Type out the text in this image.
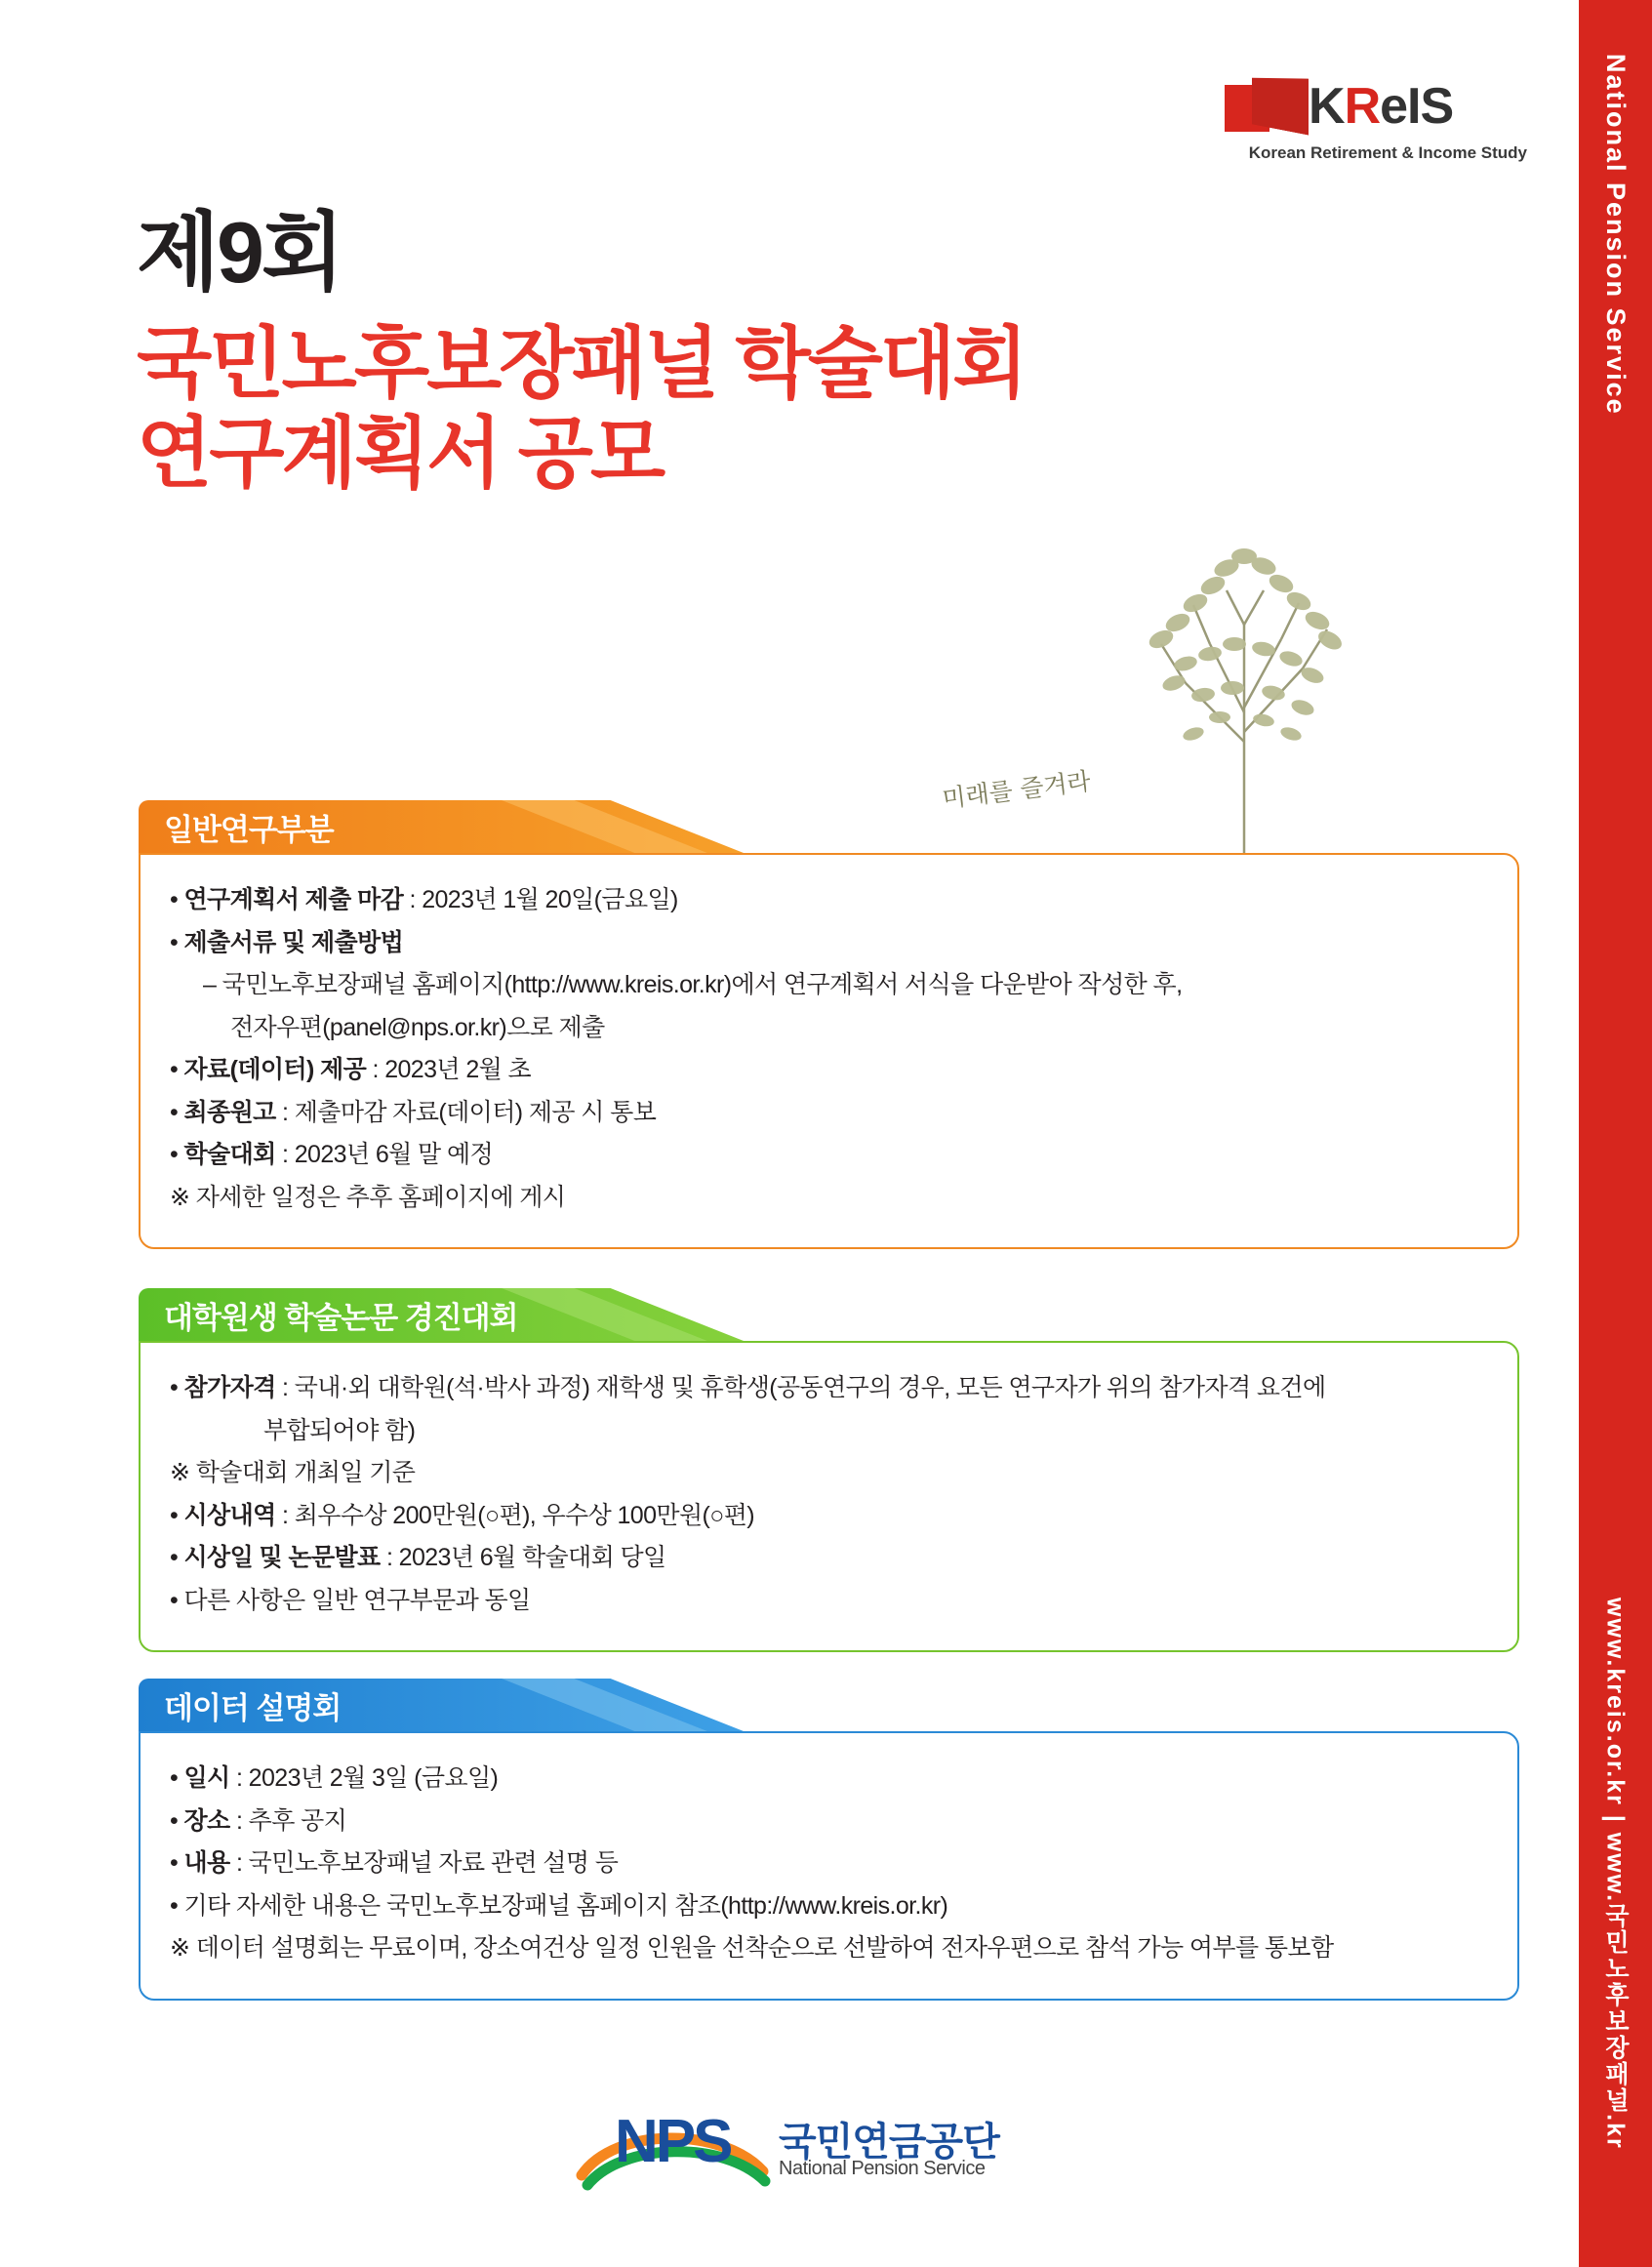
National Pension Service
www.kreis.or.kr | www.국민노후보장패널.kr
KReIS
Korean Retirement & Income Study
제9회
국민노후보장패널 학술대회
연구계획서 공모
미래를 즐겨라
일반연구부분
• 연구계획서 제출 마감 : 2023년 1월 20일(금요일)
• 제출서류 및 제출방법
– 국민노후보장패널 홈페이지(http://www.kreis.or.kr)에서 연구계획서 서식을 다운받아 작성한 후,
전자우편(panel@nps.or.kr)으로 제출
• 자료(데이터) 제공 : 2023년 2월 초
• 최종원고 : 제출마감 자료(데이터) 제공 시 통보
• 학술대회 : 2023년 6월 말 예정
※ 자세한 일정은 추후 홈페이지에 게시
대학원생 학술논문 경진대회
• 참가자격 : 국내·외 대학원(석·박사 과정) 재학생 및 휴학생(공동연구의 경우, 모든 연구자가 위의 참가자격 요건에
부합되어야 함)
※ 학술대회 개최일 기준
• 시상내역 : 최우수상 200만원(○편), 우수상 100만원(○편)
• 시상일 및 논문발표 : 2023년 6월 학술대회 당일
• 다른 사항은 일반 연구부문과 동일
데이터 설명회
• 일시 : 2023년 2월 3일 (금요일)
• 장소 : 추후 공지
• 내용 : 국민노후보장패널 자료 관련 설명 등
• 기타 자세한 내용은 국민노후보장패널 홈페이지 참조(http://www.kreis.or.kr)
※ 데이터 설명회는 무료이며, 장소여건상 일정 인원을 선착순으로 선발하여 전자우편으로 참석 가능 여부를 통보함
NPS 국민연금공단
National Pension Service
